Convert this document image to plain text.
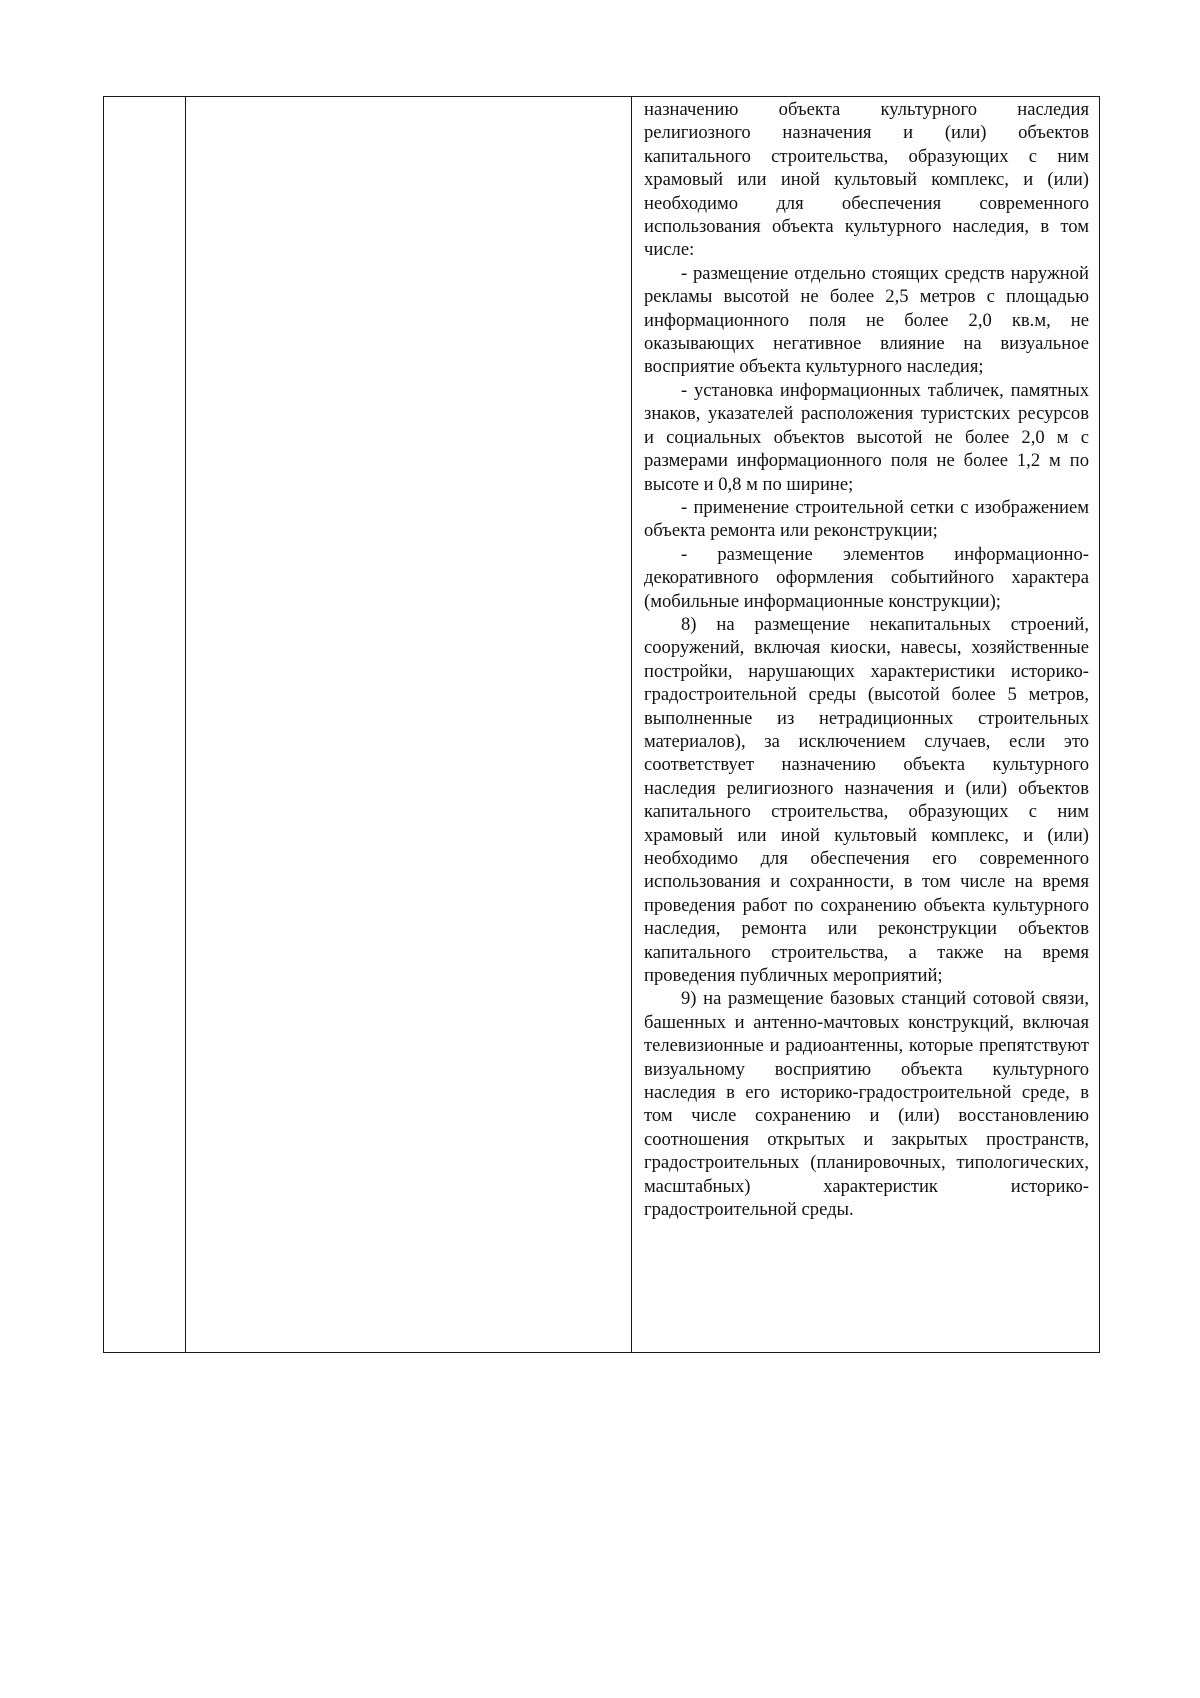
назначению объекта культурного наследия религиозного назначения и (или) объектов капитального строительства, образующих с ним храмовый или иной культовый комплекс, и (или) необходимо для обеспечения современного использования объекта культурного наследия, в том числе:

- размещение отдельно стоящих средств наружной рекламы высотой не более 2,5 метров с площадью информационного поля не более 2,0 кв.м, не оказывающих негативное влияние на визуальное восприятие объекта культурного наследия;

- установка информационных табличек, памятных знаков, указателей расположения туристских ресурсов и социальных объектов высотой не более 2,0 м с размерами информационного поля не более 1,2 м по высоте и 0,8 м по ширине;

- применение строительной сетки с изображением объекта ремонта или реконструкции;

- размещение элементов информационно-декоративного оформления событийного характера (мобильные информационные конструкции);

8) на размещение некапитальных строений, сооружений, включая киоски, навесы, хозяйственные постройки, нарушающих характеристики историко-градостроительной среды (высотой более 5 метров, выполненные из нетрадиционных строительных материалов), за исключением случаев, если это соответствует назначению объекта культурного наследия религиозного назначения и (или) объектов капитального строительства, образующих с ним храмовый или иной культовый комплекс, и (или) необходимо для обеспечения его современного использования и сохранности, в том числе на время проведения работ по сохранению объекта культурного наследия, ремонта или реконструкции объектов капитального строительства, а также на время проведения публичных мероприятий;

9) на размещение базовых станций сотовой связи, башенных и антенно-мачтовых конструкций, включая телевизионные и радиоантенны, которые препятствуют визуальному восприятию объекта культурного наследия в его историко-градостроительной среде, в том числе сохранению и (или) восстановлению соотношения открытых и закрытых пространств, градостроительных (планировочных, типологических, масштабных) характеристик историко-градостроительной среды.
